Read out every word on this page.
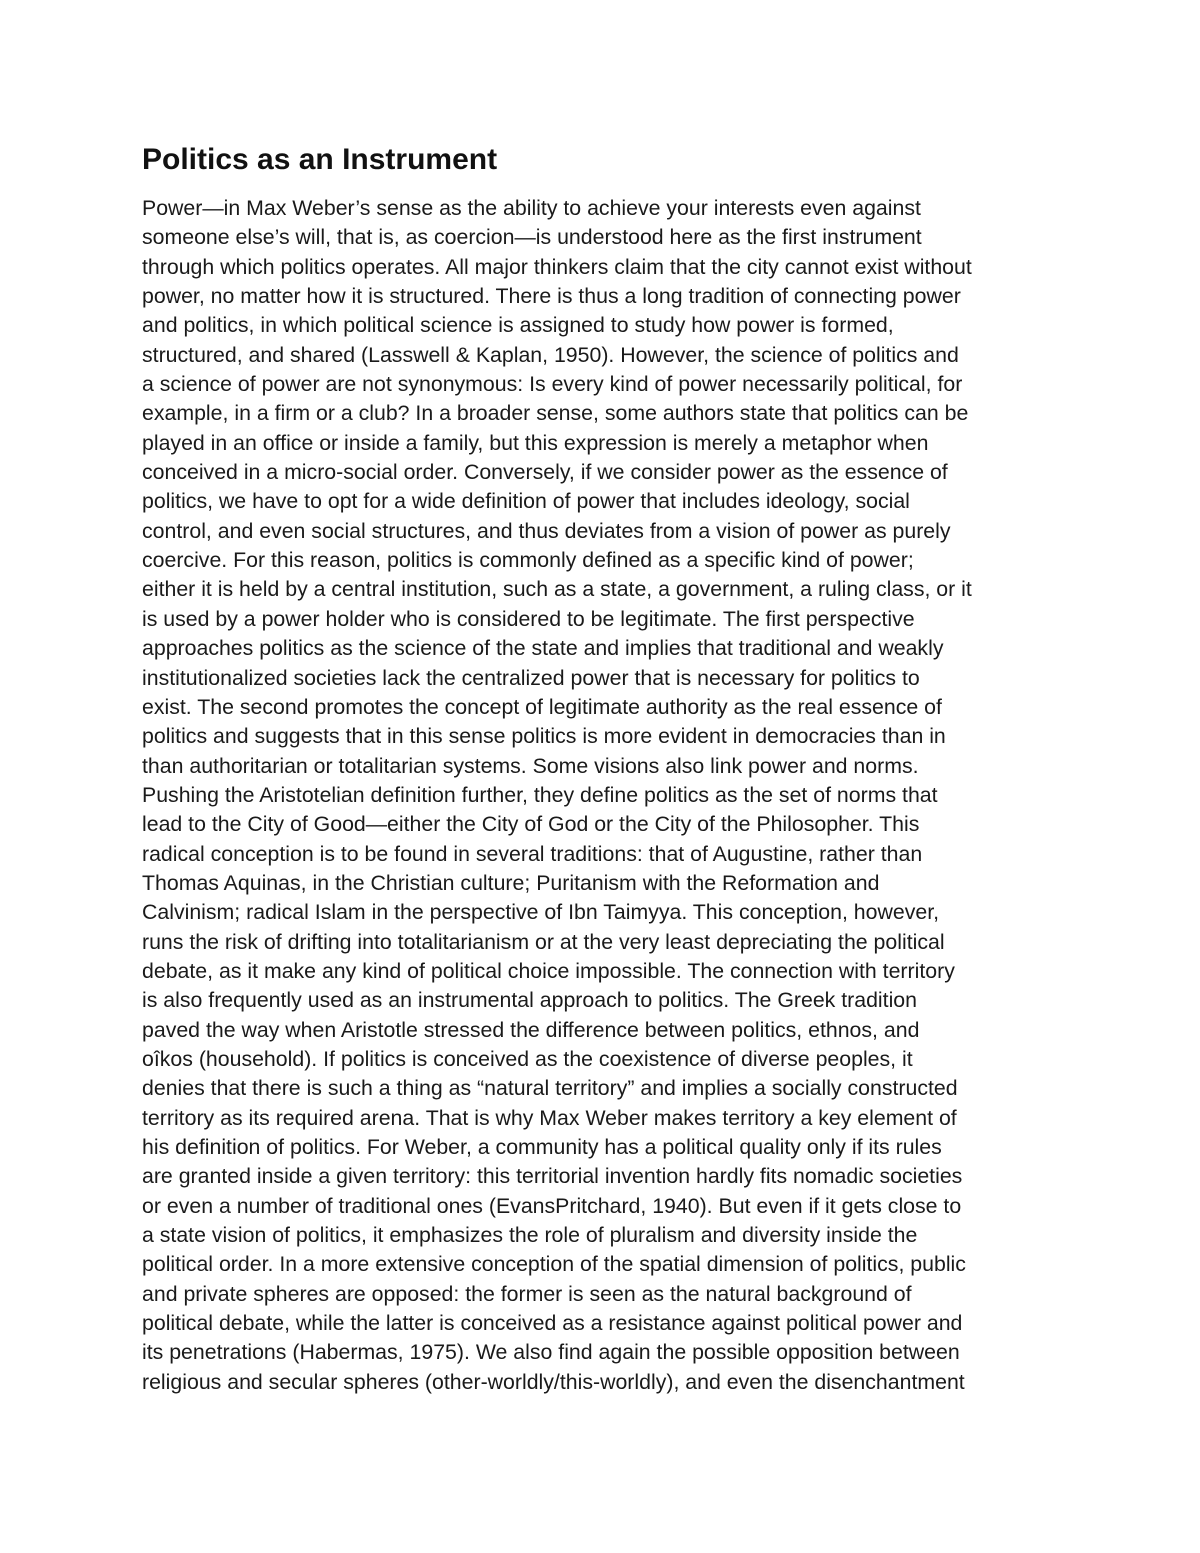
Politics as an Instrument
Power—in Max Weber’s sense as the ability to achieve your interests even against
someone else’s will, that is, as coercion—is understood here as the first instrument
through which politics operates. All major thinkers claim that the city cannot exist without
power, no matter how it is structured. There is thus a long tradition of connecting power
and politics, in which political science is assigned to study how power is formed,
structured, and shared (Lasswell & Kaplan, 1950). However, the science of politics and
a science of power are not synonymous: Is every kind of power necessarily political, for
example, in a firm or a club? In a broader sense, some authors state that politics can be
played in an office or inside a family, but this expression is merely a metaphor when
conceived in a micro-social order. Conversely, if we consider power as the essence of
politics, we have to opt for a wide definition of power that includes ideology, social
control, and even social structures, and thus deviates from a vision of power as purely
coercive. For this reason, politics is commonly defined as a specific kind of power;
either it is held by a central institution, such as a state, a government, a ruling class, or it
is used by a power holder who is considered to be legitimate. The first perspective
approaches politics as the science of the state and implies that traditional and weakly
institutionalized societies lack the centralized power that is necessary for politics to
exist. The second promotes the concept of legitimate authority as the real essence of
politics and suggests that in this sense politics is more evident in democracies than in
than authoritarian or totalitarian systems. Some visions also link power and norms.
Pushing the Aristotelian definition further, they define politics as the set of norms that
lead to the City of Good—either the City of God or the City of the Philosopher. This
radical conception is to be found in several traditions: that of Augustine, rather than
Thomas Aquinas, in the Christian culture; Puritanism with the Reformation and
Calvinism; radical Islam in the perspective of Ibn Taimyya. This conception, however,
runs the risk of drifting into totalitarianism or at the very least depreciating the political
debate, as it make any kind of political choice impossible. The connection with territory
is also frequently used as an instrumental approach to politics. The Greek tradition
paved the way when Aristotle stressed the difference between politics, ethnos, and
oîkos (household). If politics is conceived as the coexistence of diverse peoples, it
denies that there is such a thing as “natural territory” and implies a socially constructed
territory as its required arena. That is why Max Weber makes territory a key element of
his definition of politics. For Weber, a community has a political quality only if its rules
are granted inside a given territory: this territorial invention hardly fits nomadic societies
or even a number of traditional ones (EvansPritchard, 1940). But even if it gets close to
a state vision of politics, it emphasizes the role of pluralism and diversity inside the
political order. In a more extensive conception of the spatial dimension of politics, public
and private spheres are opposed: the former is seen as the natural background of
political debate, while the latter is conceived as a resistance against political power and
its penetrations (Habermas, 1975). We also find again the possible opposition between
religious and secular spheres (other-worldly/this-worldly), and even the disenchantment
